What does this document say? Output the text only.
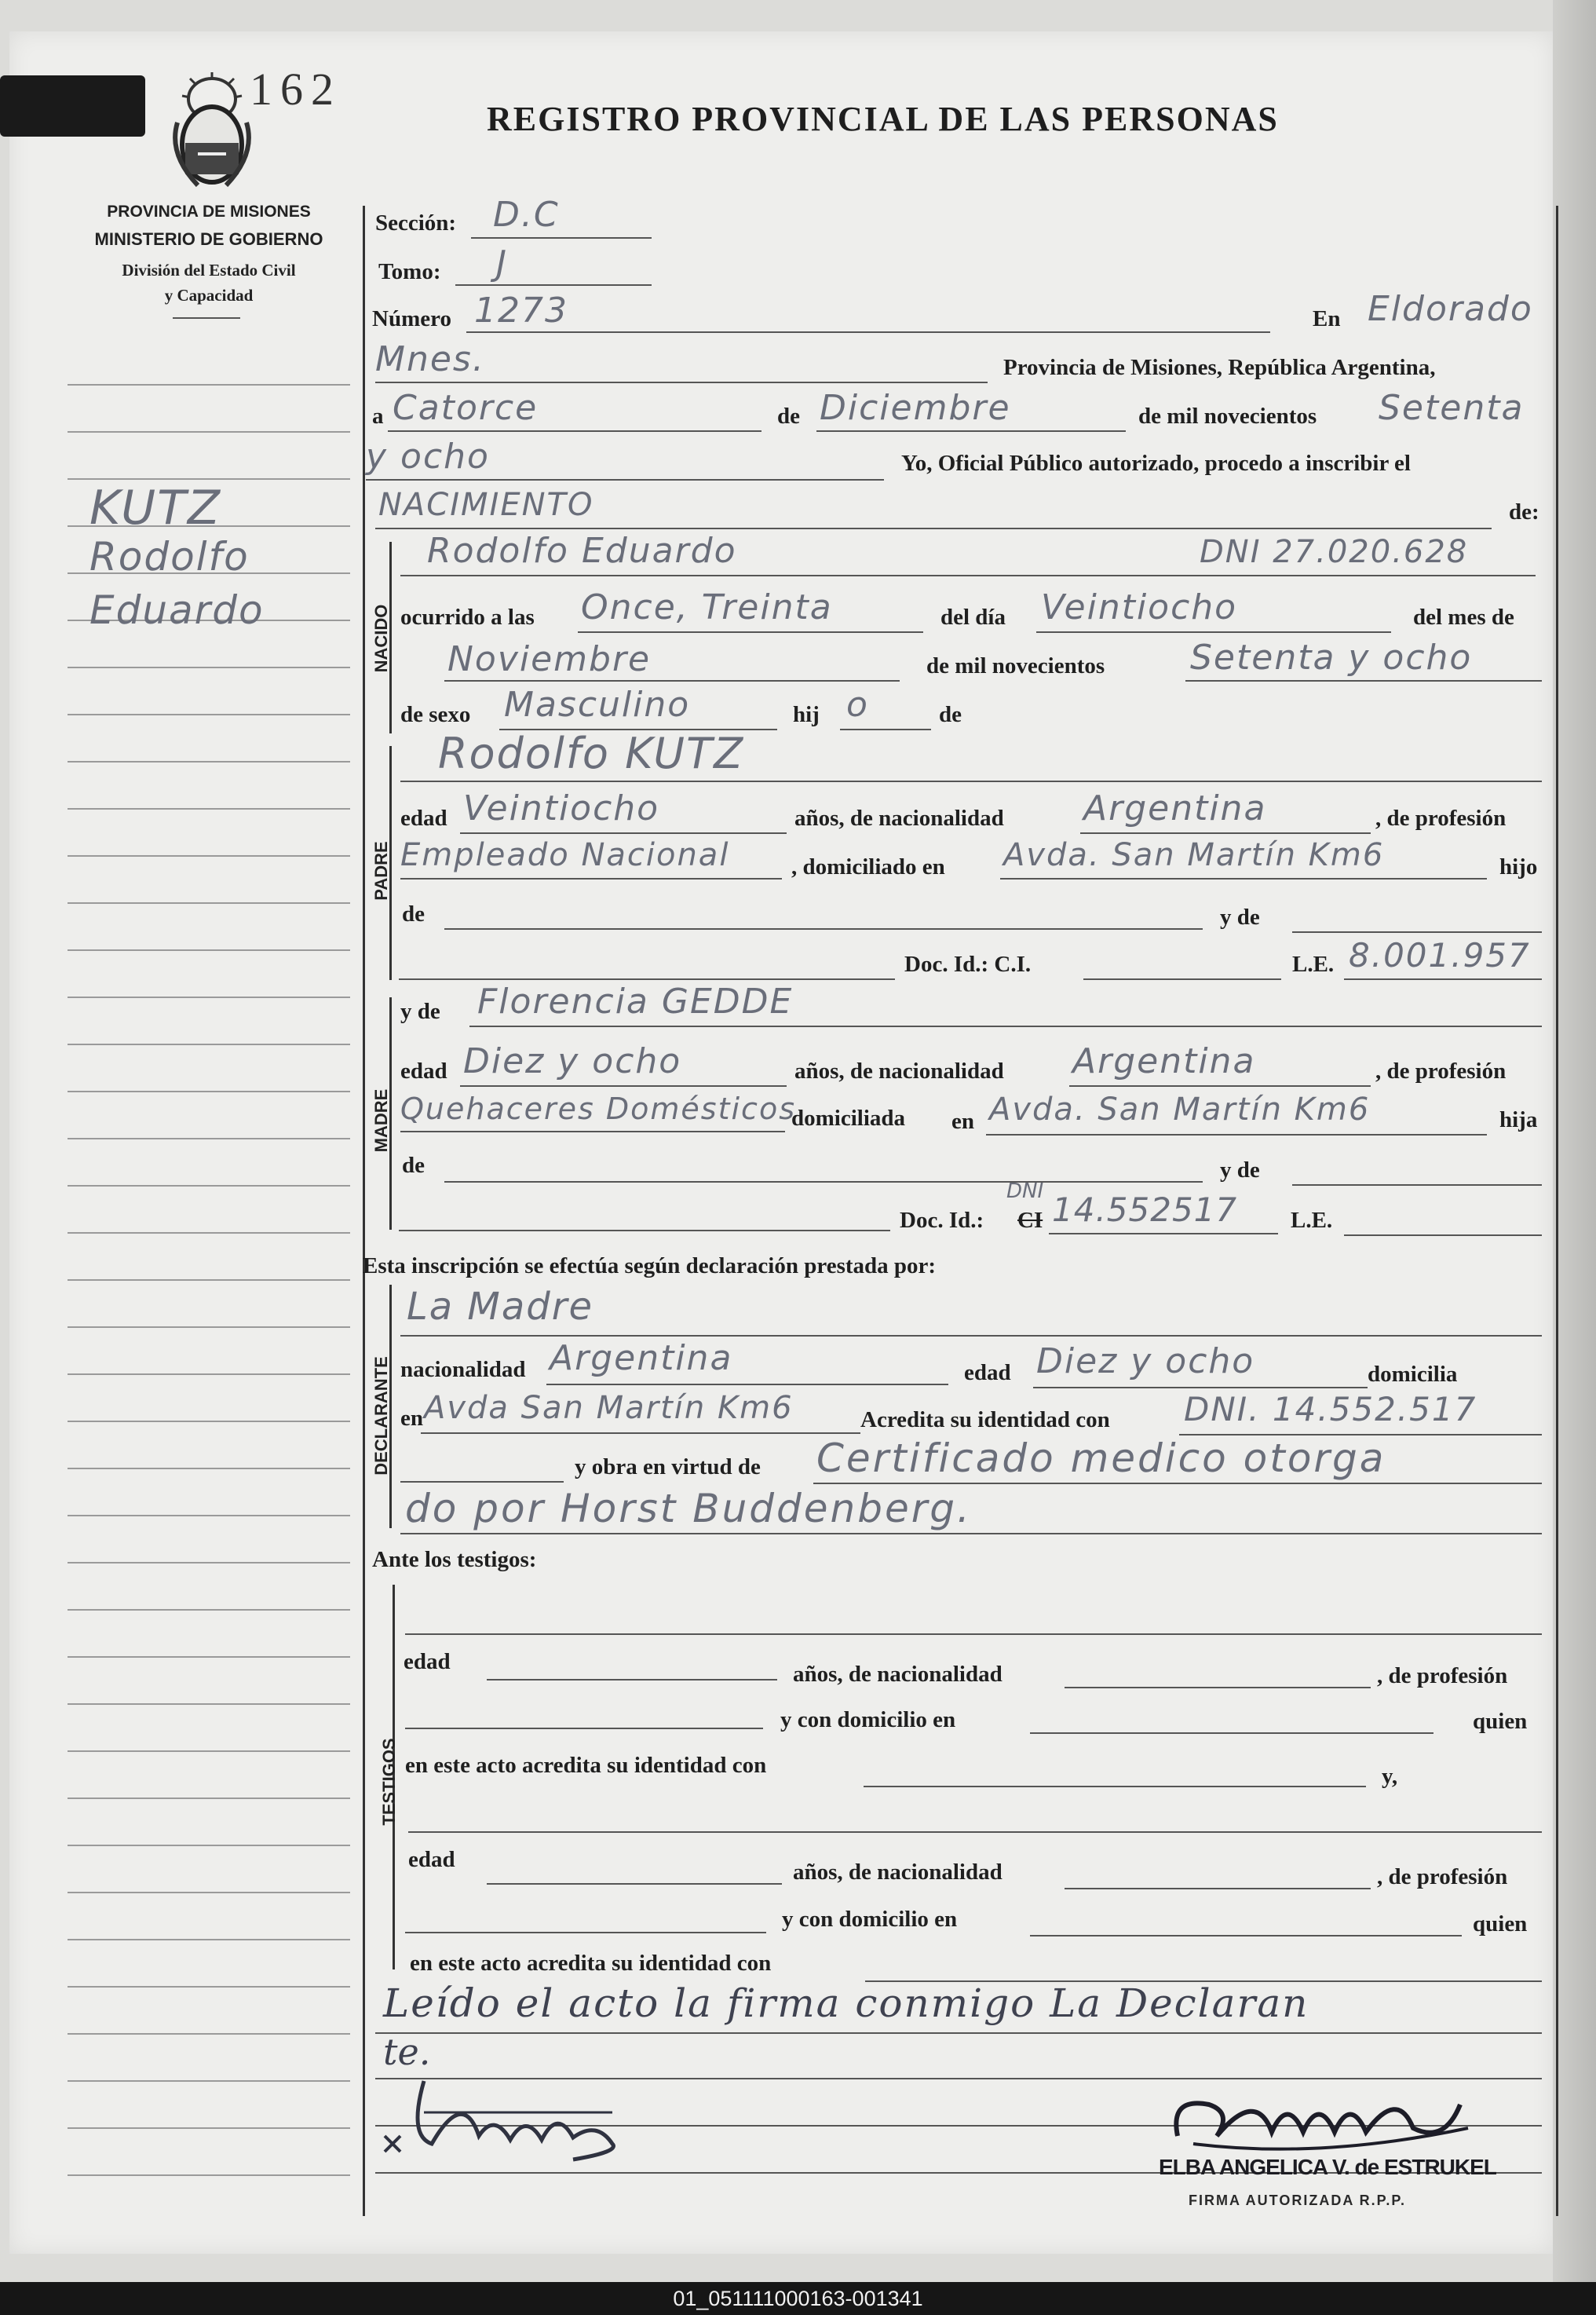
162
REGISTRO PROVINCIAL DE LAS PERSONAS
PROVINCIA DE MISIONES
MINISTERIO DE GOBIERNO
División del Estado Civil
y Capacidad
KUTZ
Rodolfo
Eduardo
Sección: D.C
Tomo: J
Número 1273	En Eldorado
Mnes.	Provincia de Misiones, República Argentina,
a Catorce	de Diciembre	de mil novecientos Setenta
y ocho	Yo, Oficial Público autorizado, procedo a inscribir el
NACIMIENTO	de:
NACIDO
Rodolfo Eduardo	DNI 27.020.628
ocurrido a las Once, Treinta	del día Veintiocho	del mes de
Noviembre	de mil novecientos Setenta y ocho
de sexo Masculino	hij o	de
PADRE
Rodolfo KUTZ
edad Veintiocho	años, de nacionalidad Argentina	, de profesión
Empleado Nacional	, domiciliado en Avda. San Martín Km6	hijo
de	y de
Doc. Id.: C.I.	L.E. 8.001.957
MADRE
y de Florencia GEDDE
edad Diez y ocho	años, de nacionalidad Argentina	, de profesión
Quehaceres Domésticos
domiciliada en Avda. San Martín Km6	hija
de	y de
Doc. Id.: CI
DNI 14.552517 L.E.
Esta inscripción se efectúa según declaración prestada por:
DECLARANTE
La Madre
nacionalidad Argentina	edad Diez y ocho	domicilia
en Avda San Martín Km6	Acredita su identidad con DNI. 14.552.517
y obra en virtud de Certificado medico otorga
do por Horst Buddenberg.
Ante los testigos:
TESTIGOS
edad	años, de nacionalidad	, de profesión
y con domicilio en	quien
en este acto acredita su identidad con	y,
edad	años, de nacionalidad	, de profesión
y con domicilio en	quien
en este acto acredita su identidad con
Leído el acto la firma conmigo La Declaran
te.
ELBA ANGELICA V. de ESTRUKEL
FIRMA AUTORIZADA R.P.P.
01_051111000163-001341
